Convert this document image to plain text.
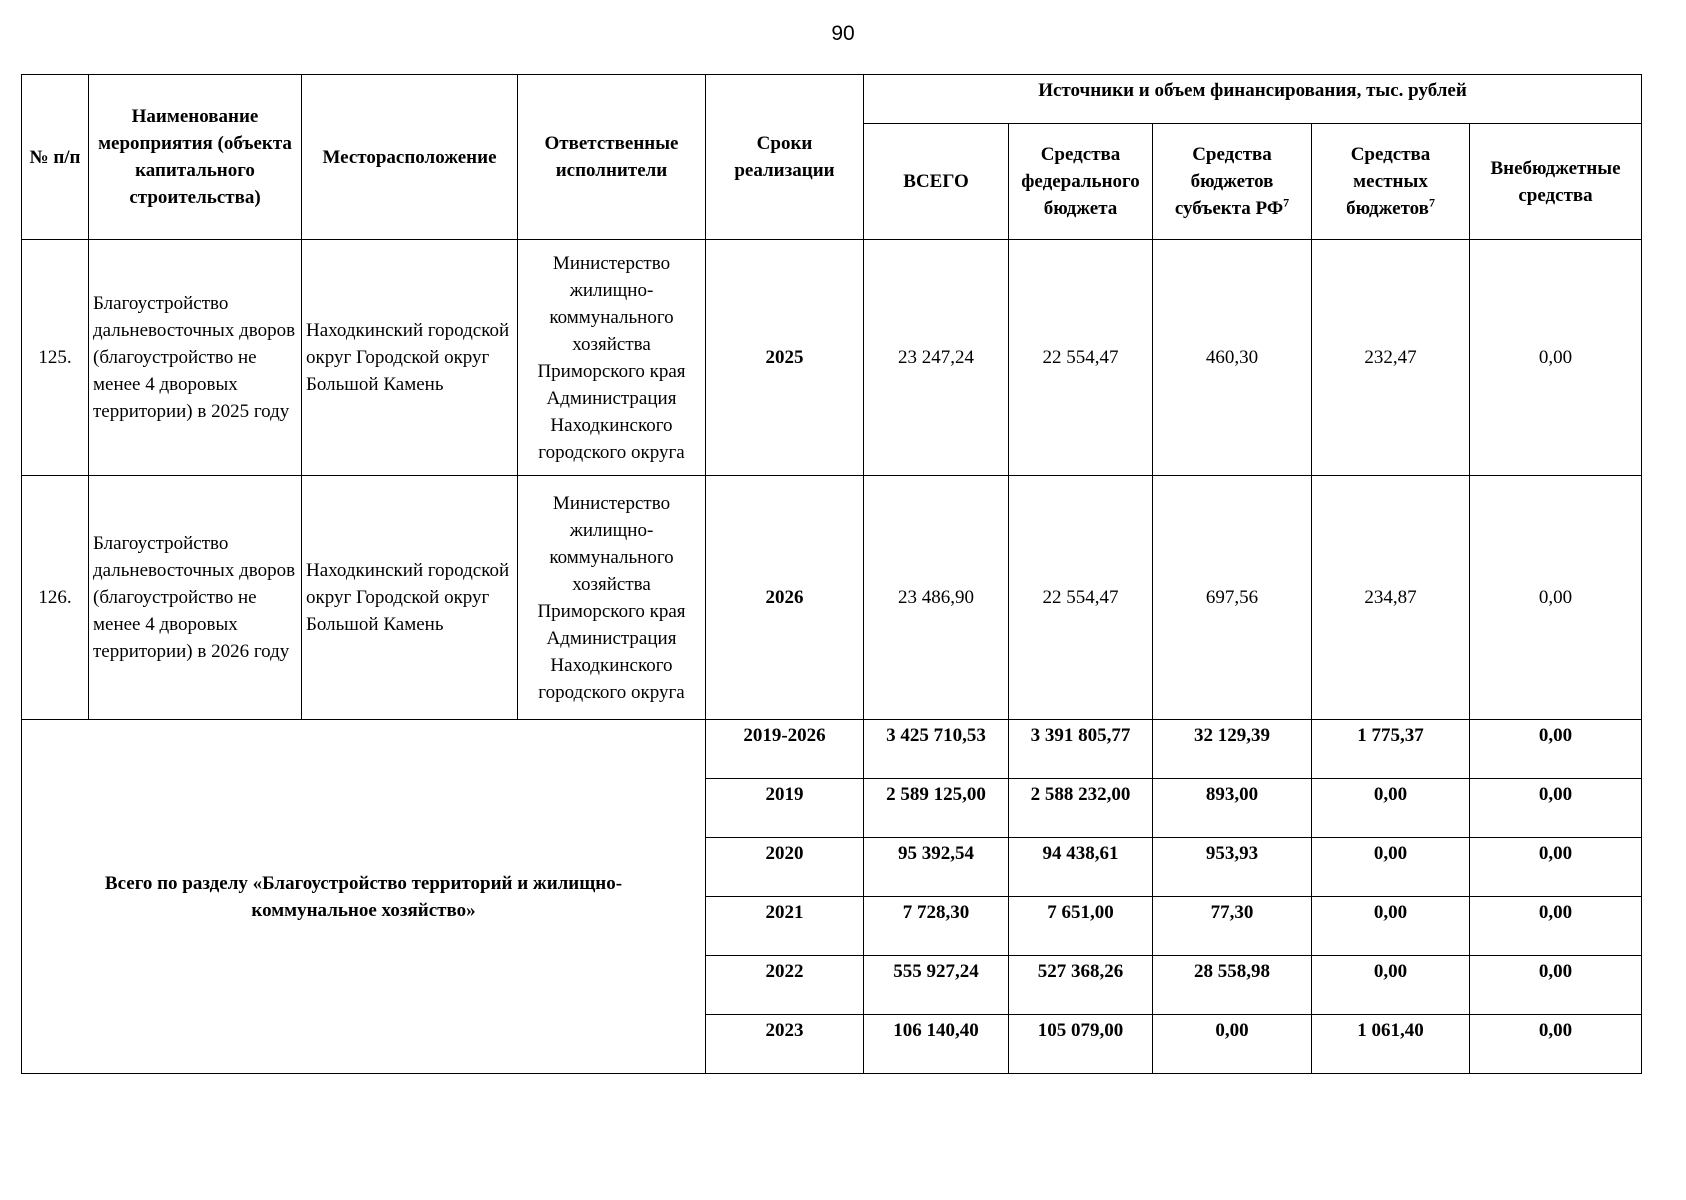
90
№ п/п	Наименование мероприятия (объекта капитального строительства)	Месторасположение	Ответственные исполнители	Сроки реализации	Источники и объем финансирования, тыс. рублей				
					ВСЕГО	Средства федерального бюджета	Средства бюджетов субъекта $РФ^7$	Средства местных бюджетов$^7$	Внебюджетные средства
125.	Благоустройство дальневосточных дворов (благоустройство не менее 4 дворовых территории) в 2025 году	Находкинский городской округ Городской округ Большой Камень	Министерство жилищно-коммунального хозяйства Приморского края Администрация Находкинского городского округа	2025	23 247,24	22 554,47	460,30	232,47	0,00
126.	Благоустройство дальневосточных дворов (благоустройство не менее 4 дворовых территории) в 2026 году	Находкинский городской округ Городской округ Большой Камень	Министерство жилищно-коммунального хозяйства Приморского края Администрация Находкинского городского округа	2026	23 486,90	22 554,47	697,56	234,87	0,00
Всего по разделу «Благоустройство территорий и жилищно-коммунальное хозяйство»				2019-2026	3 425 710,53	3 391 805,77	32 129,39	1 775,37	0,00
				2019	2 589 125,00	2 588 232,00	893,00	0,00	0,00
				2020	95 392,54	94 438,61	953,93	0,00	0,00
				2021	7 728,30	7 651,00	77,30	0,00	0,00
				2022	555 927,24	527 368,26	28 558,98	0,00	0,00
				2023	106 140,40	105 079,00	0,00	1 061,40	0,00
